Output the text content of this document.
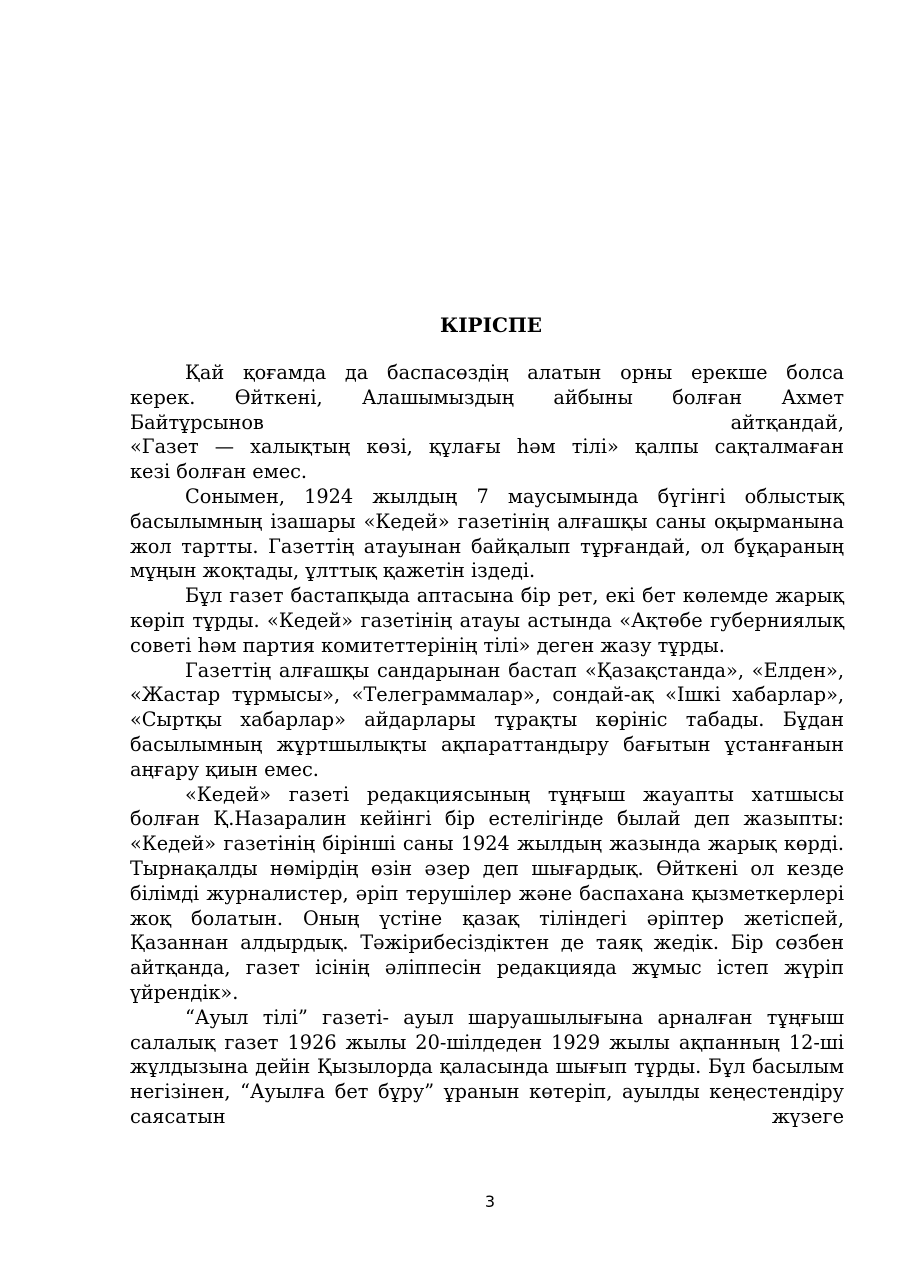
КІРІСПЕ

Қай қоғамда да баспасөздің алатын орны ерекше болса
керек. Өйткені, Алашымыздың айбыны болған Ахмет
Байтұрсынов aйтқандай,
«Газет — халықтың көзі, құлағы һәм тілі» қалпы сақталмаған
кезі болған емес.

Сонымен, 1924 жылдың 7 маусымында бүгінгі облыстық басылымның ізашары «Кедей» газетінің алғашқы саны оқырманына жол тартты. Газеттің атауынан байқалып тұрғандай, ол бұқараның мұңын жоқтады, ұлттық қажетін іздеді.

Бұл газет бастапқыда аптасына бір рет, екі бет көлемде жарық көріп тұрды. «Кедей» газетінің атауы астында «Ақтөбе губерниялық советі һәм партия комитеттерінің тілі» деген жазу тұрды.

Газеттің алғашқы сандарынан бастап «Қазақстанда», «Елден», «Жастар тұрмысы», «Телеграммалар», сондай-ақ «Ішкі хабарлар», «Сыртқы хабарлар» айдарлары тұрақты көрініс табады. Бұдан басылымның жұртшылықты ақпараттандыру бағытын ұстанғанын аңғару қиын емес.

«Кедей» газеті редакциясының тұңғыш жауапты хатшысы болған Қ.Назаралин кейінгі бір естелігінде былай деп жазыпты: «Кедей» газетінің бірінші саны 1924 жылдың жазында жарық көрді. Тырнақалды нөмірдің өзін әзер деп шығардық. Өйткені ол кезде білімді журналистер, әріп терушілер және баспахана қызметкерлері жоқ болатын. Оның үстіне қазақ тіліндегі әріптер жетіспей, Қазаннан алдырдық. Тәжірибесіздіктен де таяқ жедік. Бір сөзбен айтқанда, газет ісінің әліппесін редакцияда жұмыс істеп жүріп үйрендік».

“Ауыл тілі” газеті- ауыл шаруашылығына арналған тұңғыш салалық газет 1926 жылы 20-шілдеден 1929 жылы ақпанның 12-ші жұлдызына дейін Қызылорда қаласында шығып тұрды. Бұл басылым негізінен, “Ауылға бет бұру” ұранын көтеріп, ауылды кеңестендіру саясатын жүзеге

3
